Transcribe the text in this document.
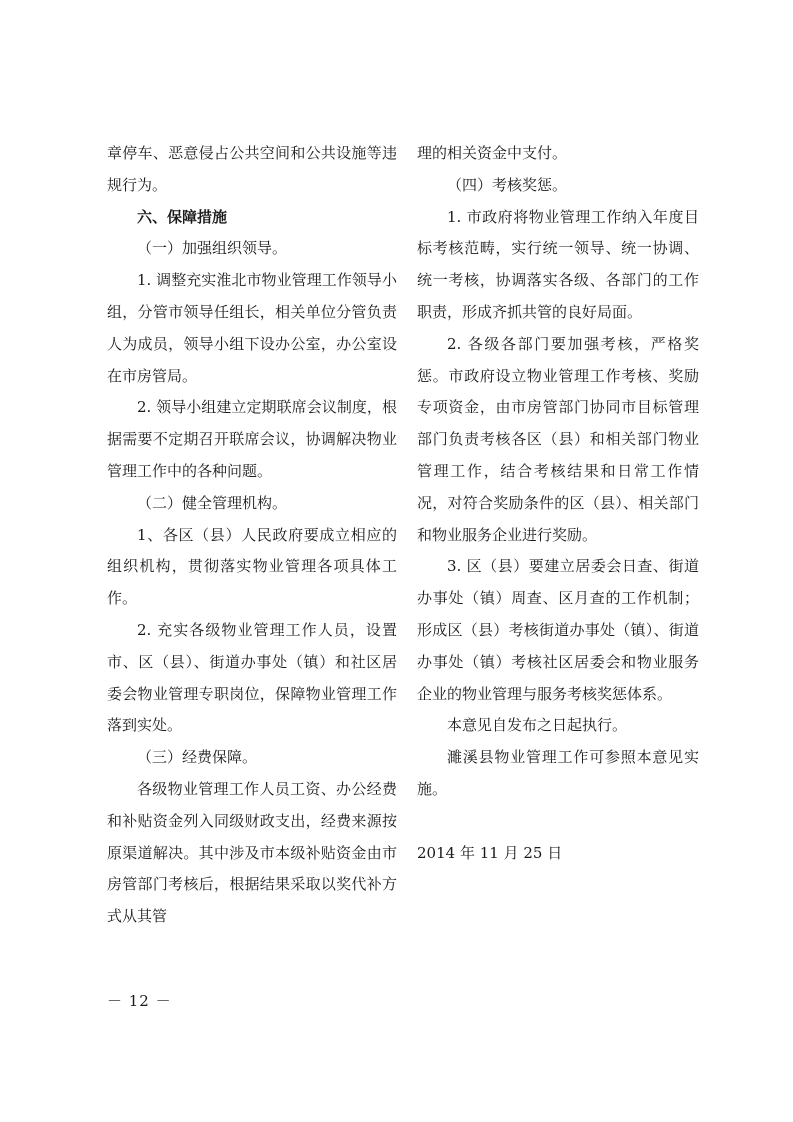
章停车、恶意侵占公共空间和公共设施等违规行为。

六、保障措施

（一）加强组织领导。

1. 调整充实淮北市物业管理工作领导小组，分管市领导任组长，相关单位分管负责人为成员，领导小组下设办公室，办公室设在市房管局。

2. 领导小组建立定期联席会议制度，根据需要不定期召开联席会议，协调解决物业管理工作中的各种问题。

（二）健全管理机构。

1、各区（县）人民政府要成立相应的组织机构，贯彻落实物业管理各项具体工作。

2. 充实各级物业管理工作人员，设置市、区（县）、街道办事处（镇）和社区居委会物业管理专职岗位，保障物业管理工作落到实处。

（三）经费保障。

各级物业管理工作人员工资、办公经费和补贴资金列入同级财政支出，经费来源按原渠道解决。其中涉及市本级补贴资金由市房管部门考核后，根据结果采取以奖代补方式从其管

理的相关资金中支付。

（四）考核奖惩。

1. 市政府将物业管理工作纳入年度目标考核范畴，实行统一领导、统一协调、统一考核，协调落实各级、各部门的工作职责，形成齐抓共管的良好局面。

2. 各级各部门要加强考核，严格奖惩。市政府设立物业管理工作考核、奖励专项资金，由市房管部门协同市目标管理部门负责考核各区（县）和相关部门物业管理工作，结合考核结果和日常工作情况，对符合奖励条件的区（县）、相关部门和物业服务企业进行奖励。

3. 区（县）要建立居委会日查、街道办事处（镇）周查、区月查的工作机制；形成区（县）考核街道办事处（镇）、街道办事处（镇）考核社区居委会和物业服务企业的物业管理与服务考核奖惩体系。

本意见自发布之日起执行。

濉溪县物业管理工作可参照本意见实施。

2014 年 11 月 25 日

－ 12 －
